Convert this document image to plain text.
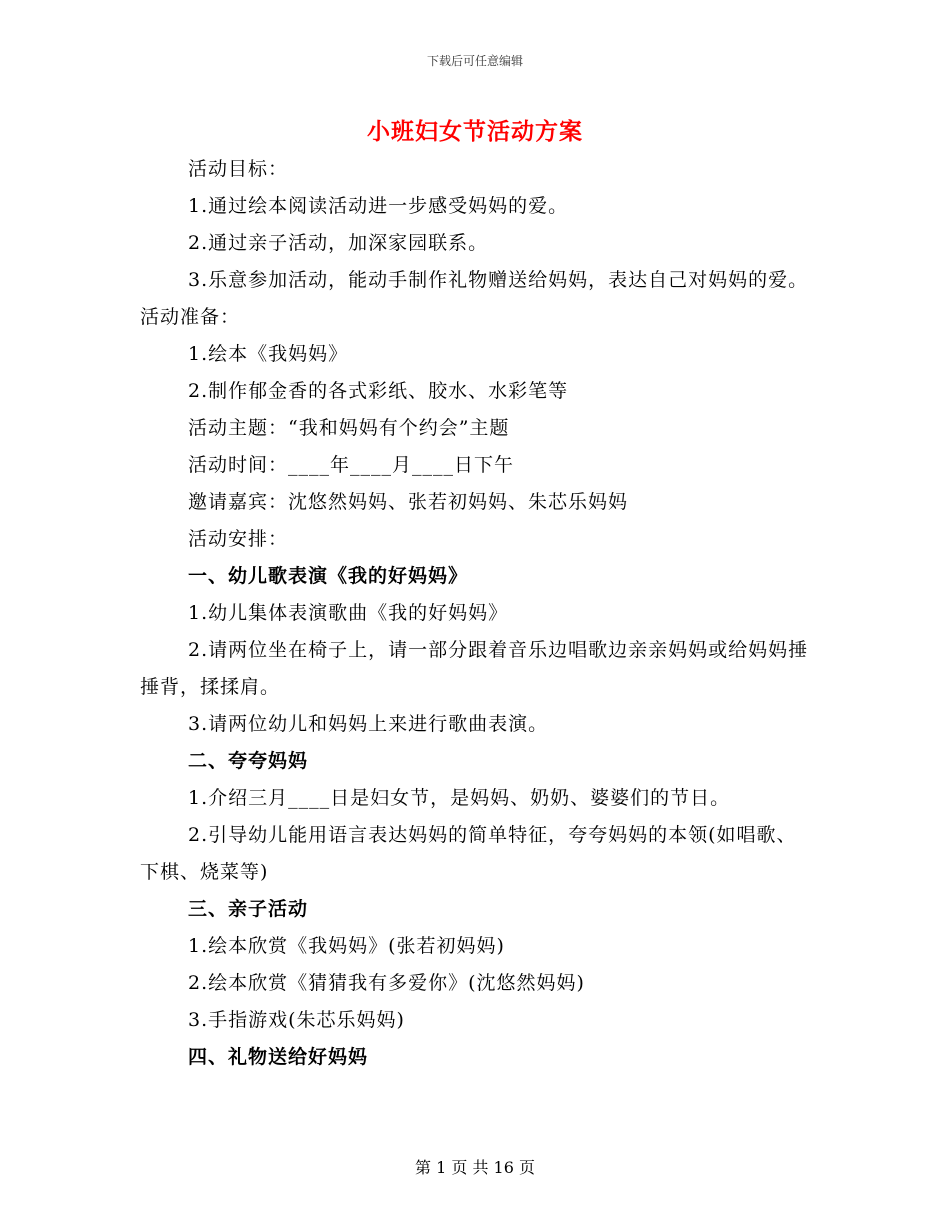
下载后可任意编辑
小班妇女节活动方案

活动目标：

1.通过绘本阅读活动进一步感受妈妈的爱。

2.通过亲子活动，加深家园联系。

3.乐意参加活动，能动手制作礼物赠送给妈妈，表达自己对妈妈的爱。活动准备：

1.绘本《我妈妈》

2.制作郁金香的各式彩纸、胶水、水彩笔等

活动主题：“我和妈妈有个约会”主题

活动时间：____年____月____日下午

邀请嘉宾：沈悠然妈妈、张若初妈妈、朱芯乐妈妈

活动安排：

一、幼儿歌表演《我的好妈妈》

1.幼儿集体表演歌曲《我的好妈妈》

2.请两位坐在椅子上，请一部分跟着音乐边唱歌边亲亲妈妈或给妈妈捶捶背，揉揉肩。

3.请两位幼儿和妈妈上来进行歌曲表演。

二、夸夸妈妈

1.介绍三月____日是妇女节，是妈妈、奶奶、婆婆们的节日。

2.引导幼儿能用语言表达妈妈的简单特征，夸夸妈妈的本领(如唱歌、下棋、烧菜等)

三、亲子活动

1.绘本欣赏《我妈妈》(张若初妈妈)

2.绘本欣赏《猜猜我有多爱你》(沈悠然妈妈)

3.手指游戏(朱芯乐妈妈)

四、礼物送给好妈妈

第 1 页 共 16 页
